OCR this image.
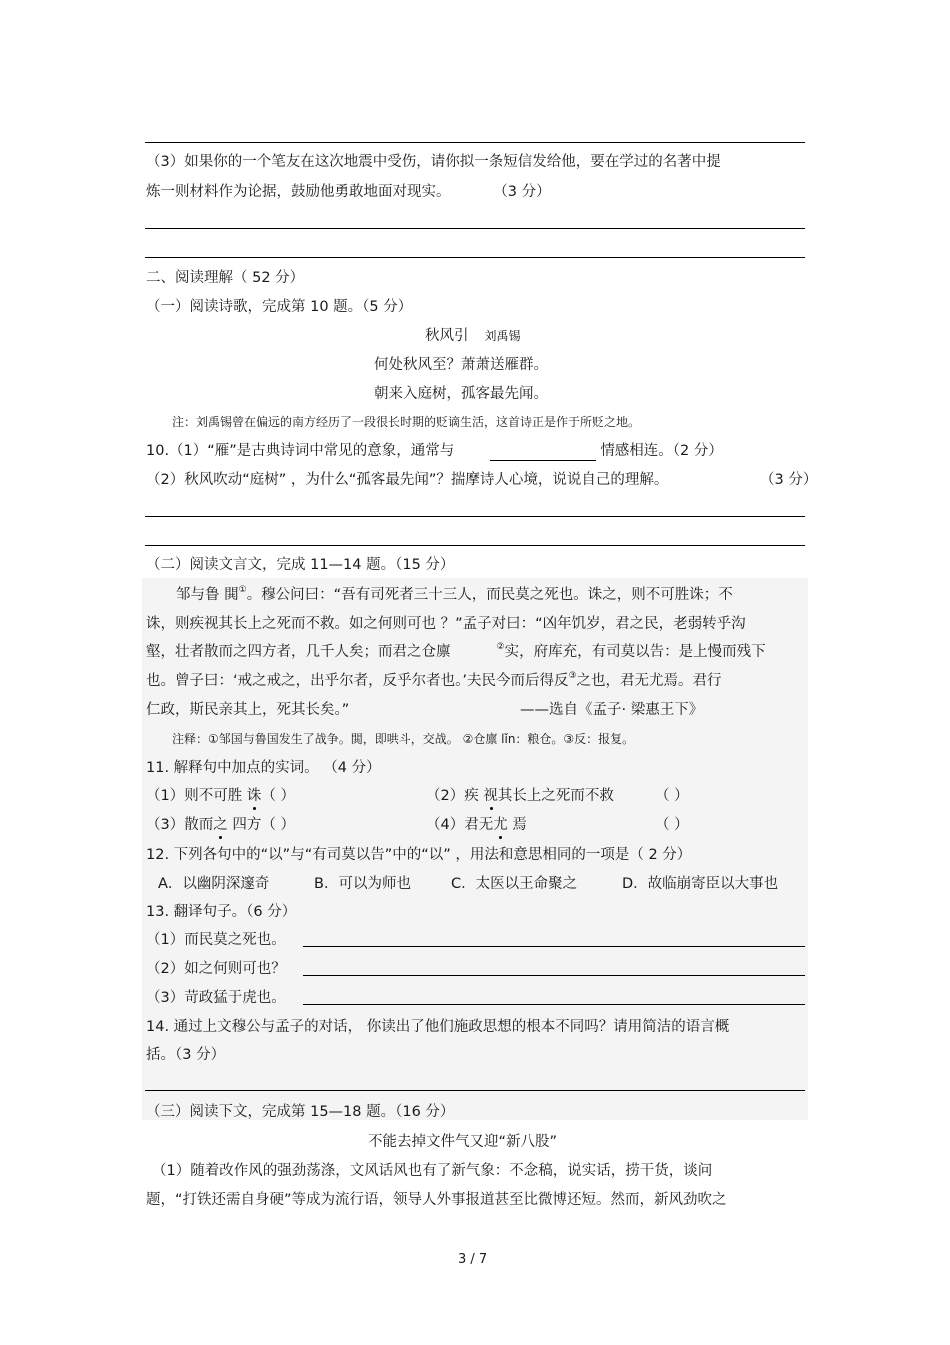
（3）如果你的一个笔友在这次地震中受伤，请你拟一条短信发给他，要在学过的名著中提
炼一则材料作为论据，鼓励他勇敢地面对现实。	（3 分）
二、阅读理解（ 52 分）
（一）阅读诗歌，完成第 10 题。（5 分）
秋风引 刘禹锡
何处秋风至？萧萧送雁群。
朝来入庭树，孤客最先闻。
注：刘禹锡曾在偏远的南方经历了一段很长时期的贬谪生活，这首诗正是作于所贬之地。
10.（1）“雁”是古典诗词中常见的意象，通常与	情感相连。（2 分）
（2）秋风吹动“庭树” ，为什么“孤客最先闻”？揣摩诗人心境，说说自己的理解。	（3 分）
（二）阅读文言文，完成 11—14 题。（15 分）
邹与鲁 閧①。穆公问曰：“吾有司死者三十三人，而民莫之死也。诛之，则不可胜诛；不
诛，则疾视其长上之死而不救。如之何则可也 ？”孟子对曰：“凶年饥岁，君之民，老弱转乎沟
壑，壮者散而之四方者，几千人矣；而君之仓廪	②实，府库充，有司莫以告：是上慢而残下
也。曾子曰：‘戒之戒之，出乎尔者，反乎尔者也。’夫民今而后得反③之也，君无尤焉。君行
仁政，斯民亲其上，死其长矣。”	——选自《孟子· 梁惠王下》
注释：①邹国与鲁国发生了战争。閧，即哄斗，交战。 ②仓廪 lǐn：粮仓。③反：报复。
11. 解释句中加点的实词。 （4 分）
（1）则不可胜 诛（ ）	（2）疾 视其长上之死而不救	（ ）
（3）散而之 四方（ ）	（4）君无尤 焉	（ ）
12. 下列各句中的“以”与“有司莫以告”中的“以” ，用法和意思相同的一项是（ 2 分）
A．以幽阴深邃奇	B．可以为师也	C．太医以王命聚之	D．故临崩寄臣以大事也
13. 翻译句子。（6 分）
（1）而民莫之死也。
（2）如之何则可也？
（3）苛政猛于虎也。
14. 通过上文穆公与孟子的对话， 你读出了他们施政思想的根本不同吗？请用简洁的语言概
括。（3 分）
（三）阅读下文，完成第 15—18 题。（16 分）
不能去掉文件气又迎“新八股”
（1）随着改作风的强劲荡涤，文风话风也有了新气象：不念稿，说实话，捞干货，谈问
题，“打铁还需自身硬”等成为流行语，领导人外事报道甚至比微博还短。然而，新风劲吹之
3 / 7
